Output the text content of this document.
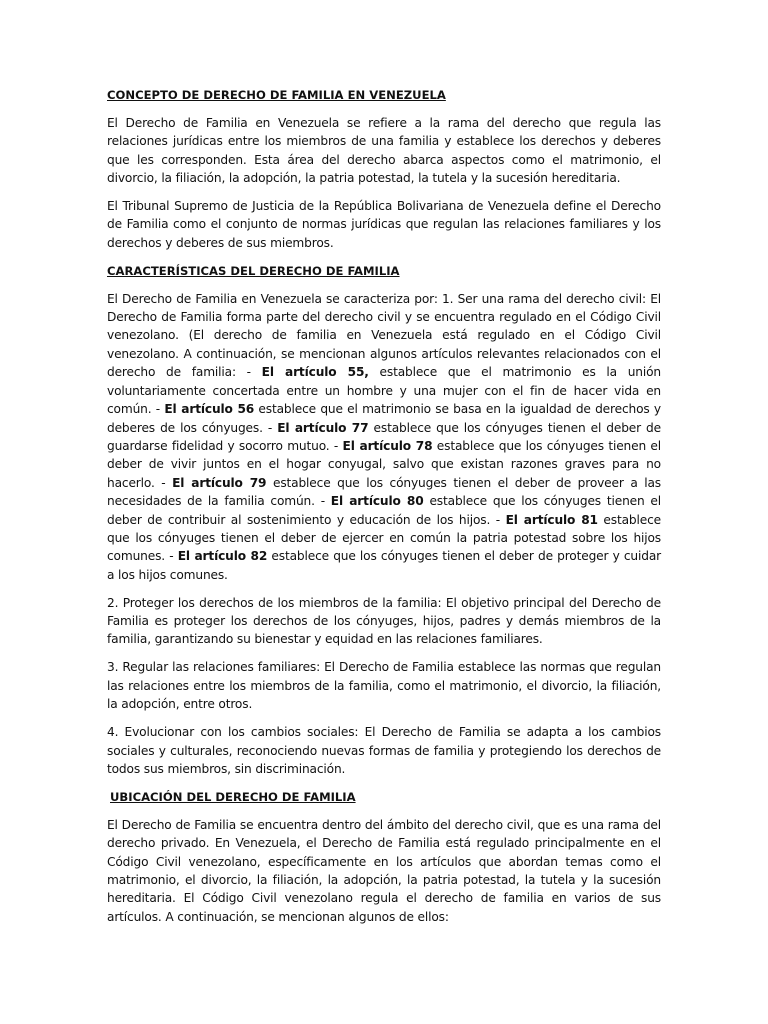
CONCEPTO DE DERECHO DE FAMILIA EN VENEZUELA
El Derecho de Familia en Venezuela se refiere a la rama del derecho que regula las relaciones jurídicas entre los miembros de una familia y establece los derechos y deberes que les corresponden. Esta área del derecho abarca aspectos como el matrimonio, el divorcio, la filiación, la adopción, la patria potestad, la tutela y la sucesión hereditaria.
El Tribunal Supremo de Justicia de la República Bolivariana de Venezuela define el Derecho de Familia como el conjunto de normas jurídicas que regulan las relaciones familiares y los derechos y deberes de sus miembros.
CARACTERÍSTICAS DEL DERECHO DE FAMILIA
El Derecho de Familia en Venezuela se caracteriza por: 1. Ser una rama del derecho civil: El Derecho de Familia forma parte del derecho civil y se encuentra regulado en el Código Civil venezolano. (El derecho de familia en Venezuela está regulado en el Código Civil venezolano. A continuación, se mencionan algunos artículos relevantes relacionados con el derecho de familia: - El artículo 55, establece que el matrimonio es la unión voluntariamente concertada entre un hombre y una mujer con el fin de hacer vida en común. - El artículo 56 establece que el matrimonio se basa en la igualdad de derechos y deberes de los cónyuges. - El artículo 77 establece que los cónyuges tienen el deber de guardarse fidelidad y socorro mutuo. - El artículo 78 establece que los cónyuges tienen el deber de vivir juntos en el hogar conyugal, salvo que existan razones graves para no hacerlo. - El artículo 79 establece que los cónyuges tienen el deber de proveer a las necesidades de la familia común. - El artículo 80 establece que los cónyuges tienen el deber de contribuir al sostenimiento y educación de los hijos. - El artículo 81 establece que los cónyuges tienen el deber de ejercer en común la patria potestad sobre los hijos comunes. - El artículo 82 establece que los cónyuges tienen el deber de proteger y cuidar a los hijos comunes.
2. Proteger los derechos de los miembros de la familia: El objetivo principal del Derecho de Familia es proteger los derechos de los cónyuges, hijos, padres y demás miembros de la familia, garantizando su bienestar y equidad en las relaciones familiares.
3. Regular las relaciones familiares: El Derecho de Familia establece las normas que regulan las relaciones entre los miembros de la familia, como el matrimonio, el divorcio, la filiación, la adopción, entre otros.
4. Evolucionar con los cambios sociales: El Derecho de Familia se adapta a los cambios sociales y culturales, reconociendo nuevas formas de familia y protegiendo los derechos de todos sus miembros, sin discriminación.
UBICACIÓN DEL DERECHO DE FAMILIA
El Derecho de Familia se encuentra dentro del ámbito del derecho civil, que es una rama del derecho privado. En Venezuela, el Derecho de Familia está regulado principalmente en el Código Civil venezolano, específicamente en los artículos que abordan temas como el matrimonio, el divorcio, la filiación, la adopción, la patria potestad, la tutela y la sucesión hereditaria. El Código Civil venezolano regula el derecho de familia en varios de sus artículos. A continuación, se mencionan algunos de ellos:
